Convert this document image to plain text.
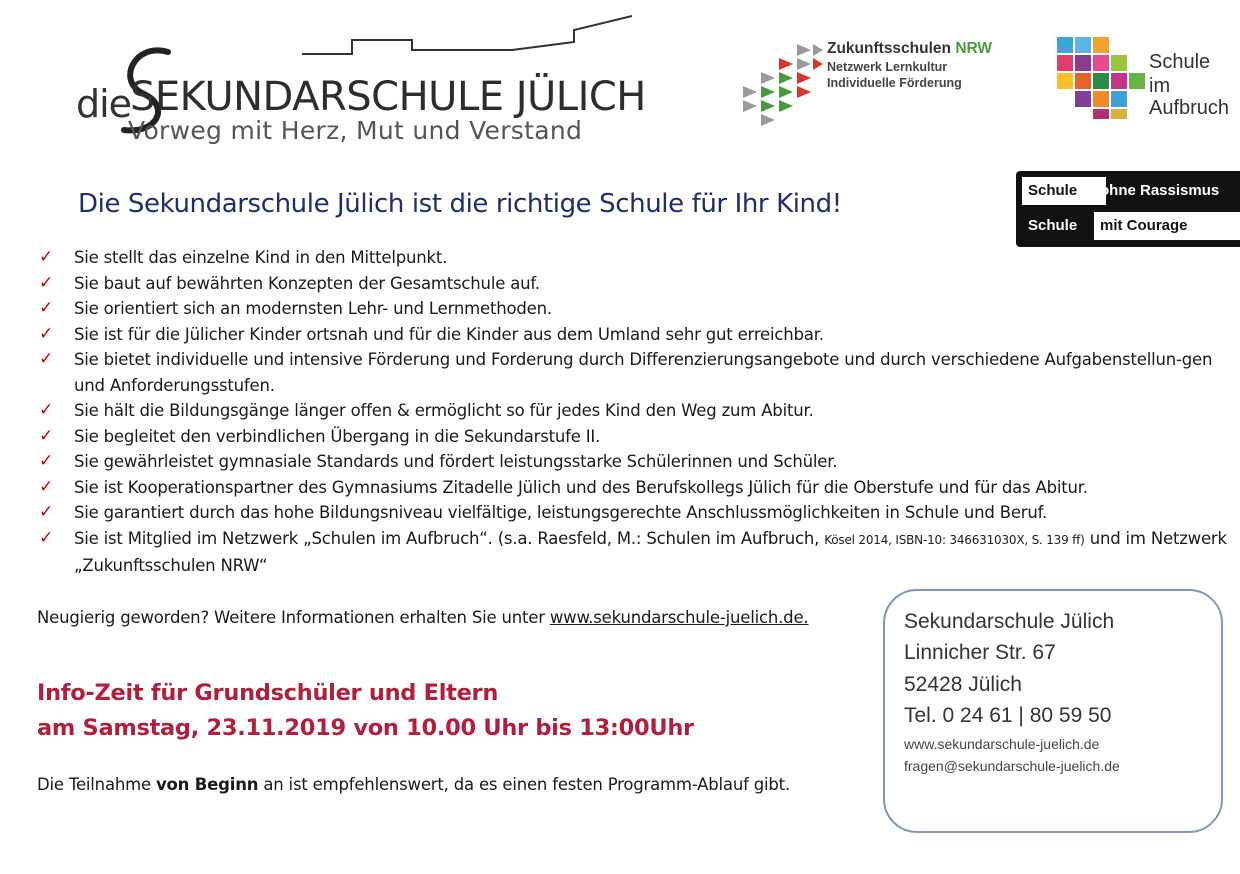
die
SEKUNDARSCHULE JÜLICH
Vorweg mit Herz, Mut und Verstand
Zukunftsschulen NRW
Netzwerk Lernkultur
Individuelle Förderung
Schule
im
Aufbruch
Schule	ohne Rassismus
Schule	mit Courage
Die Sekundarschule Jülich ist die richtige Schule für Ihr Kind!
✓ Sie stellt das einzelne Kind in den Mittelpunkt.
✓ Sie baut auf bewährten Konzepten der Gesamtschule auf.
✓ Sie orientiert sich an modernsten Lehr- und Lernmethoden.
✓ Sie ist für die Jülicher Kinder ortsnah und für die Kinder aus dem Umland sehr gut erreichbar.
✓ Sie bietet individuelle und intensive Förderung und Forderung durch Differenzierungsangebote und durch verschiedene Aufgabenstellun-gen und Anforderungsstufen.
✓ Sie hält die Bildungsgänge länger offen & ermöglicht so für jedes Kind den Weg zum Abitur.
✓ Sie begleitet den verbindlichen Übergang in die Sekundarstufe II.
✓ Sie gewährleistet gymnasiale Standards und fördert leistungsstarke Schülerinnen und Schüler.
✓ Sie ist Kooperationspartner des Gymnasiums Zitadelle Jülich und des Berufskollegs Jülich für die Oberstufe und für das Abitur.
✓ Sie garantiert durch das hohe Bildungsniveau vielfältige, leistungsgerechte Anschlussmöglichkeiten in Schule und Beruf.
✓ Sie ist Mitglied im Netzwerk „Schulen im Aufbruch“. (s.a. Raesfeld, M.: Schulen im Aufbruch, Kösel 2014, ISBN-10: 346631030X, S. 139 ff) und im Netzwerk „Zukunftsschulen NRW“
Neugierig geworden? Weitere Informationen erhalten Sie unter www.sekundarschule-juelich.de.
Info-Zeit für Grundschüler und Eltern
am Samstag, 23.11.2019 von 10.00 Uhr bis 13:00Uhr
Die Teilnahme von Beginn an ist empfehlenswert, da es einen festen Programm-Ablauf gibt.
Sekundarschule Jülich
Linnicher Str. 67
52428 Jülich
Tel. 0 24 61 | 80 59 50
www.sekundarschule-juelich.de
fragen@sekundarschule-juelich.de
